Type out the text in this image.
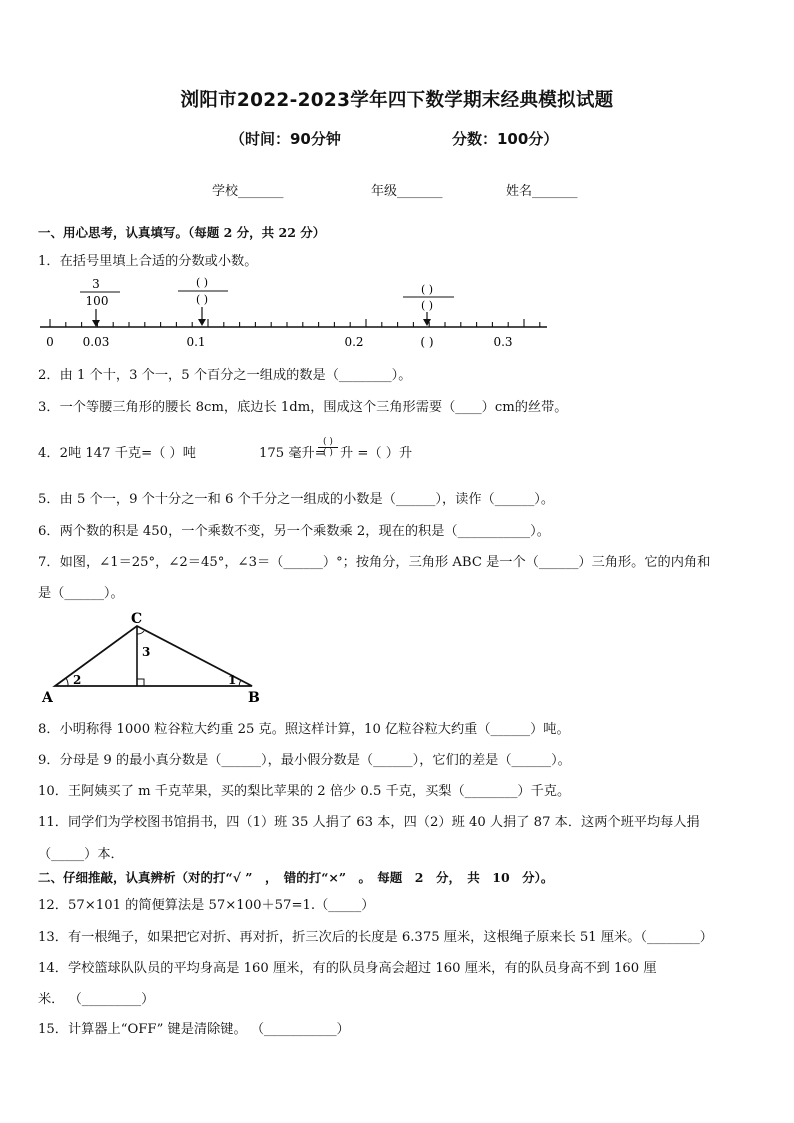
浏阳市2022-2023学年四下数学期末经典模拟试题
（时间：90分钟	分数：100分）
学校_______	年级_______	姓名_______
一、用心思考，认真填写。（每题 2 分，共 22 分）
1．在括号里填上合适的分数或小数。
3
100
( )
( )
( )
( )
0 0.03	0.1	0.2	( )	0.3
2．由 1 个十，3 个一，5 个百分之一组成的数是（________）。
3．一个等腰三角形的腰长 8cm，底边长 1dm，围成这个三角形需要（____）cm的丝带。
4．2吨 147 千克=（ ）吨	175 毫升=
( )
( ) 升 =（ ）升
5．由 5 个一，9 个十分之一和 6 个千分之一组成的小数是（______），读作（______）。
6．两个数的积是 450，一个乘数不变，另一个乘数乘 2，现在的积是（___________）。
7．如图，∠1＝25°，∠2＝45°，∠3＝（______）°；按角分，三角形 ABC 是一个（______）三角形。它的内角和
是（______）。
C
A	B
3
2	1
8．小明称得 1000 粒谷粒大约重 25 克。照这样计算，10 亿粒谷粒大约重（______）吨。
9．分母是 9 的最小真分数是（______），最小假分数是（______），它们的差是（______）。
10．王阿姨买了 m 千克苹果，买的梨比苹果的 2 倍少 0.5 千克，买梨（________）千克。
11．同学们为学校图书馆捐书，四（1）班 35 人捐了 63 本，四（2）班 40 人捐了 87 本．这两个班平均每人捐
（_____）本．
二、仔细推敲，认真辨析（对的打“√ ”　，　错的打“×”　。　每题　2　分，　共　10　分）。
12．57×101 的简便算法是 57×100＋57=1.（_____）
13．有一根绳子，如果把它对折、再对折，折三次后的长度是 6.375 厘米，这根绳子原来长 51 厘米。（________）
14．学校篮球队队员的平均身高是 160 厘米，有的队员身高会超过 160 厘米，有的队员身高不到 160 厘
米． （_________）
15．计算器上“OFF” 键是清除键。 （___________）
